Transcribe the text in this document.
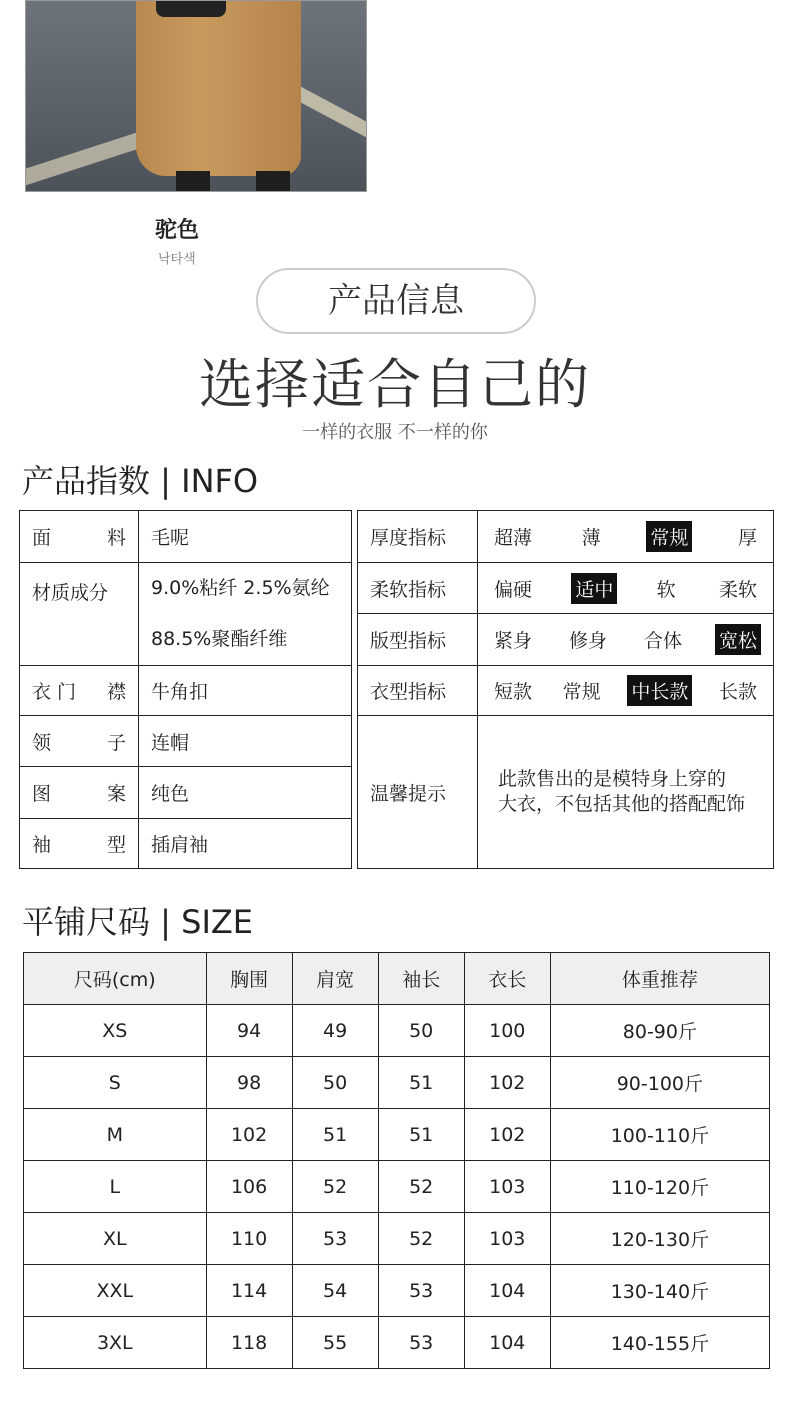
驼色
낙타색
产品信息
选择适合自己的
一样的衣服 不一样的你
产品指数 | INFO
面 料	毛呢
材质成分	9.0%粘纤 2.5%氨纶
88.5%聚酯纤维

衣 门 襟	牛角扣

领 子	连帽

图 案	纯色

袖 型	插肩袖
厚度指标	超薄 薄 常规 厚

柔软指标	偏硬 适中 软 柔软

版型指标	紧身 修身 合体 宽松

衣型指标	短款 常规 中长款 长款

温馨提示	此款售出的是模特身上穿的
大衣，不包括其他的搭配配饰
平铺尺码 | SIZE
尺码(cm)	胸围	肩宽	袖长	衣长	体重推荐
XS	94	49	50	100	80-90斤
S	98	50	51	102	90-100斤
M	102	51	51	102	100-110斤
L	106	52	52	103	110-120斤
XL	110	53	52	103	120-130斤
XXL	114	54	53	104	130-140斤
3XL	118	55	53	104	140-155斤
